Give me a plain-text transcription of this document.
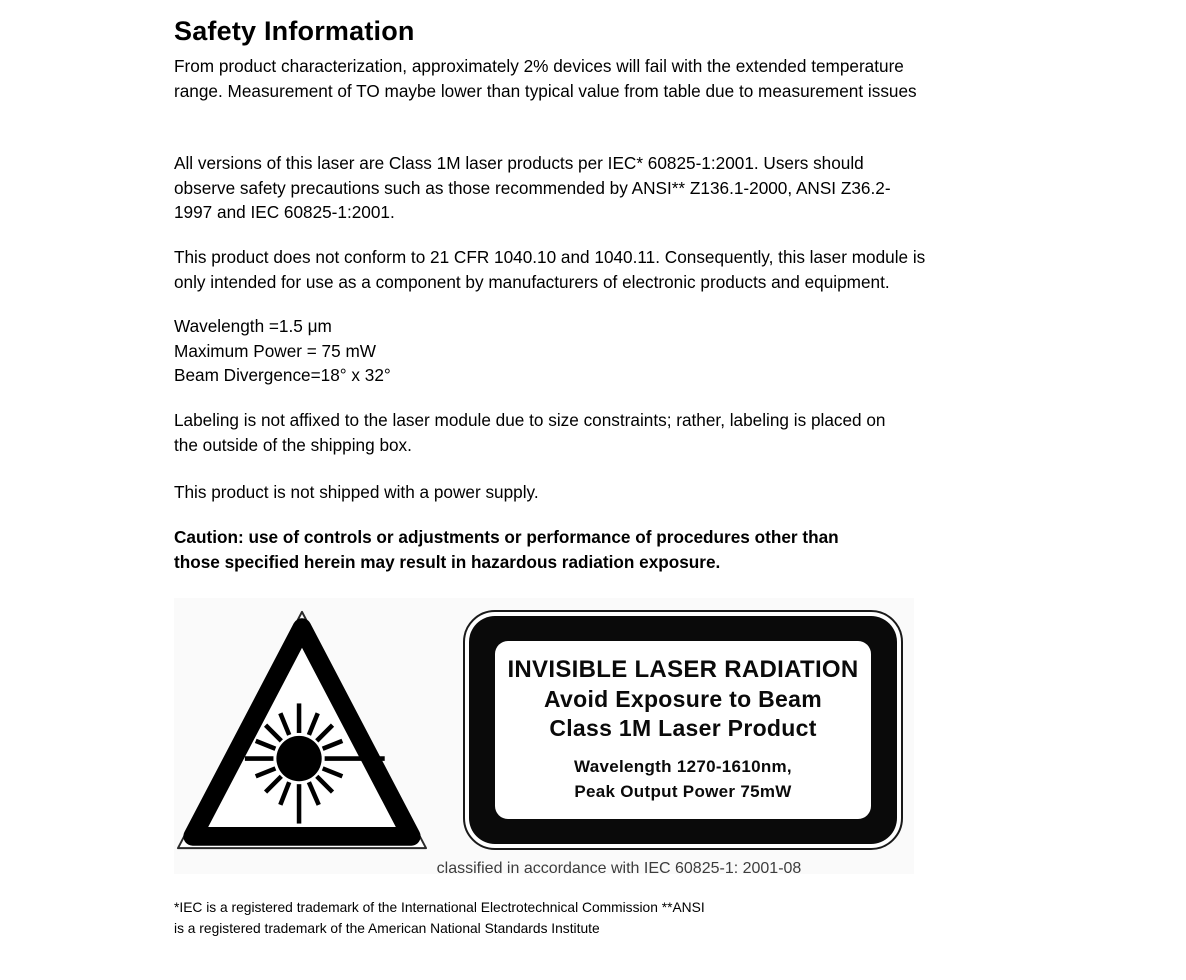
Safety Information
From product characterization, approximately 2% devices will fail with the extended temperature
range. Measurement of TO maybe lower than typical value from table due to measurement issues
All versions of this laser are Class 1M laser products per IEC* 60825-1:2001. Users should
observe safety precautions such as those recommended by ANSI** Z136.1-2000, ANSI Z36.2-
1997 and IEC 60825-1:2001.
This product does not conform to 21 CFR 1040.10 and 1040.11. Consequently, this laser module is
only intended for use as a component by manufacturers of electronic products and equipment.
Wavelength =1.5 μm
Maximum Power = 75 mW
Beam Divergence=18° x 32°
Labeling is not affixed to the laser module due to size constraints; rather, labeling is placed on
the outside of the shipping box.
This product is not shipped with a power supply.
Caution: use of controls or adjustments or performance of procedures other than
those specified herein may result in hazardous radiation exposure.
INVISIBLE LASER RADIATION
Avoid Exposure to Beam
Class 1M Laser Product
Wavelength 1270-1610nm,
Peak Output Power 75mW
classified in accordance with IEC 60825-1: 2001-08
*IEC is a registered trademark of the International Electrotechnical Commission **ANSI
is a registered trademark of the American National Standards Institute
